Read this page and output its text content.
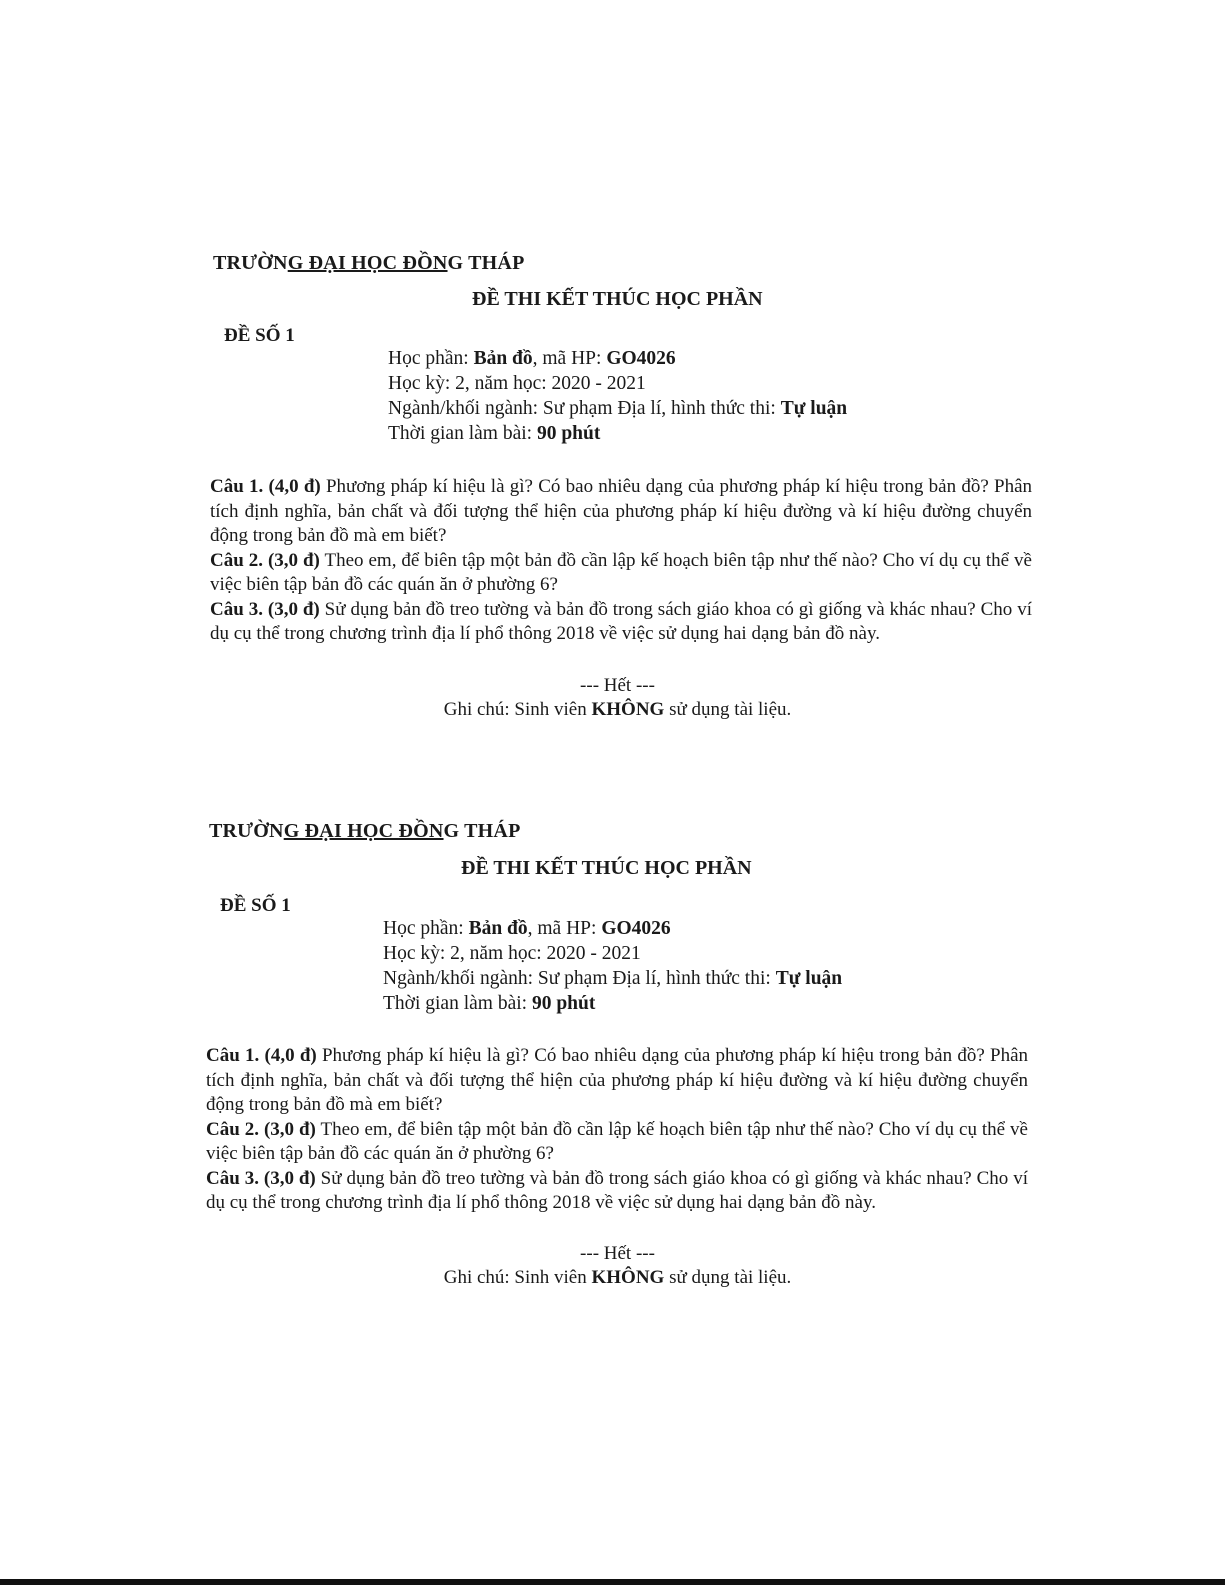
TRƯỜNG ĐẠI HỌC ĐỒNG THÁP
ĐỀ THI KẾT THÚC HỌC PHẦN
ĐỀ SỐ 1
Học phần: Bản đồ, mã HP: GO4026
Học kỳ: 2, năm học: 2020 - 2021
Ngành/khối ngành: Sư phạm Địa lí, hình thức thi: Tự luận
Thời gian làm bài: 90 phút

Câu 1. (4,0 đ) Phương pháp kí hiệu là gì? Có bao nhiêu dạng của phương pháp kí hiệu trong bản đồ? Phân tích định nghĩa, bản chất và đối tượng thể hiện của phương pháp kí hiệu đường và kí hiệu đường chuyển động trong bản đồ mà em biết?

Câu 2. (3,0 đ) Theo em, để biên tập một bản đồ cần lập kế hoạch biên tập như thế nào? Cho ví dụ cụ thể về việc biên tập bản đồ các quán ăn ở phường 6?

Câu 3. (3,0 đ) Sử dụng bản đồ treo tường và bản đồ trong sách giáo khoa có gì giống và khác nhau? Cho ví dụ cụ thể trong chương trình địa lí phổ thông 2018 về việc sử dụng hai dạng bản đồ này.

--- Hết ---
Ghi chú: Sinh viên KHÔNG sử dụng tài liệu.
TRƯỜNG ĐẠI HỌC ĐỒNG THÁP
ĐỀ THI KẾT THÚC HỌC PHẦN
ĐỀ SỐ 1
Học phần: Bản đồ, mã HP: GO4026
Học kỳ: 2, năm học: 2020 - 2021
Ngành/khối ngành: Sư phạm Địa lí, hình thức thi: Tự luận
Thời gian làm bài: 90 phút

Câu 1. (4,0 đ) Phương pháp kí hiệu là gì? Có bao nhiêu dạng của phương pháp kí hiệu trong bản đồ? Phân tích định nghĩa, bản chất và đối tượng thể hiện của phương pháp kí hiệu đường và kí hiệu đường chuyển động trong bản đồ mà em biết?

Câu 2. (3,0 đ) Theo em, để biên tập một bản đồ cần lập kế hoạch biên tập như thế nào? Cho ví dụ cụ thể về việc biên tập bản đồ các quán ăn ở phường 6?

Câu 3. (3,0 đ) Sử dụng bản đồ treo tường và bản đồ trong sách giáo khoa có gì giống và khác nhau? Cho ví dụ cụ thể trong chương trình địa lí phổ thông 2018 về việc sử dụng hai dạng bản đồ này.

--- Hết ---
Ghi chú: Sinh viên KHÔNG sử dụng tài liệu.
